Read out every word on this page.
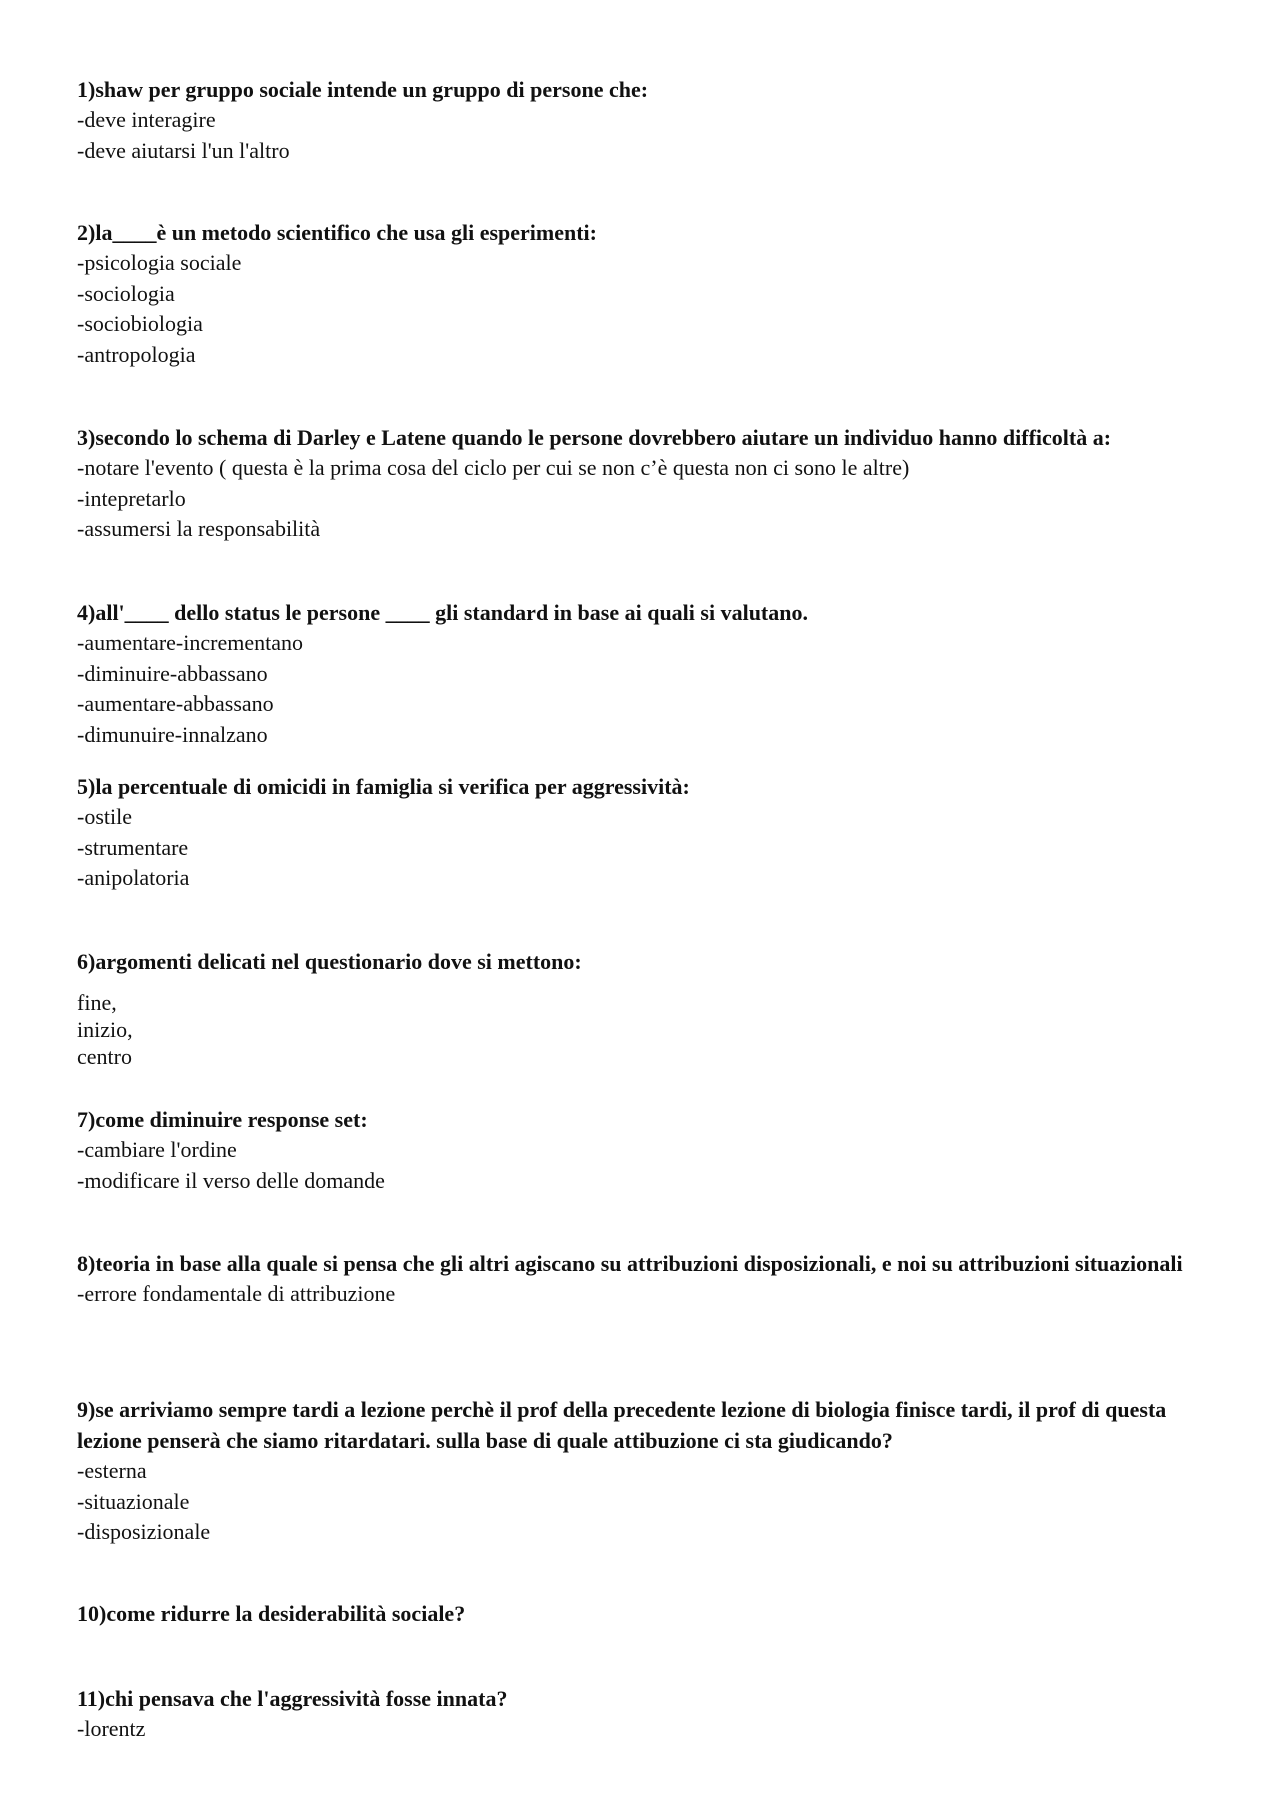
1)shaw per gruppo sociale intende un gruppo di persone che:

-deve interagire

-deve aiutarsi l'un l'altro

2)la____è un metodo scientifico che usa gli esperimenti:

-psicologia sociale

-sociologia

-sociobiologia

-antropologia

3)secondo lo schema di Darley e Latene quando le persone dovrebbero aiutare un individuo hanno difficoltà a:

-notare l'evento ( questa è la prima cosa del ciclo per cui se non c’è questa non ci sono le altre)

-intepretarlo

-assumersi la responsabilità

4)all'____ dello status le persone ____ gli standard in base ai quali si valutano.

-aumentare-incrementano

-diminuire-abbassano

-aumentare-abbassano

-dimunuire-innalzano

5)la percentuale di omicidi in famiglia si verifica per aggressività:

-ostile

-strumentare

-anipolatoria

6)argomenti delicati nel questionario dove si mettono:

fine,

inizio,

centro

7)come diminuire response set:

-cambiare l'ordine

-modificare il verso delle domande

8)teoria in base alla quale si pensa che gli altri agiscano su attribuzioni disposizionali, e noi su attribuzioni situazionali

-errore fondamentale di attribuzione

9)se arriviamo sempre tardi a lezione perchè il prof della precedente lezione di biologia finisce tardi, il prof di questa lezione penserà che siamo ritardatari. sulla base di quale attibuzione ci sta giudicando?

-esterna

-situazionale

-disposizionale

10)come ridurre la desiderabilità sociale?

11)chi pensava che l'aggressività fosse innata?

-lorentz
